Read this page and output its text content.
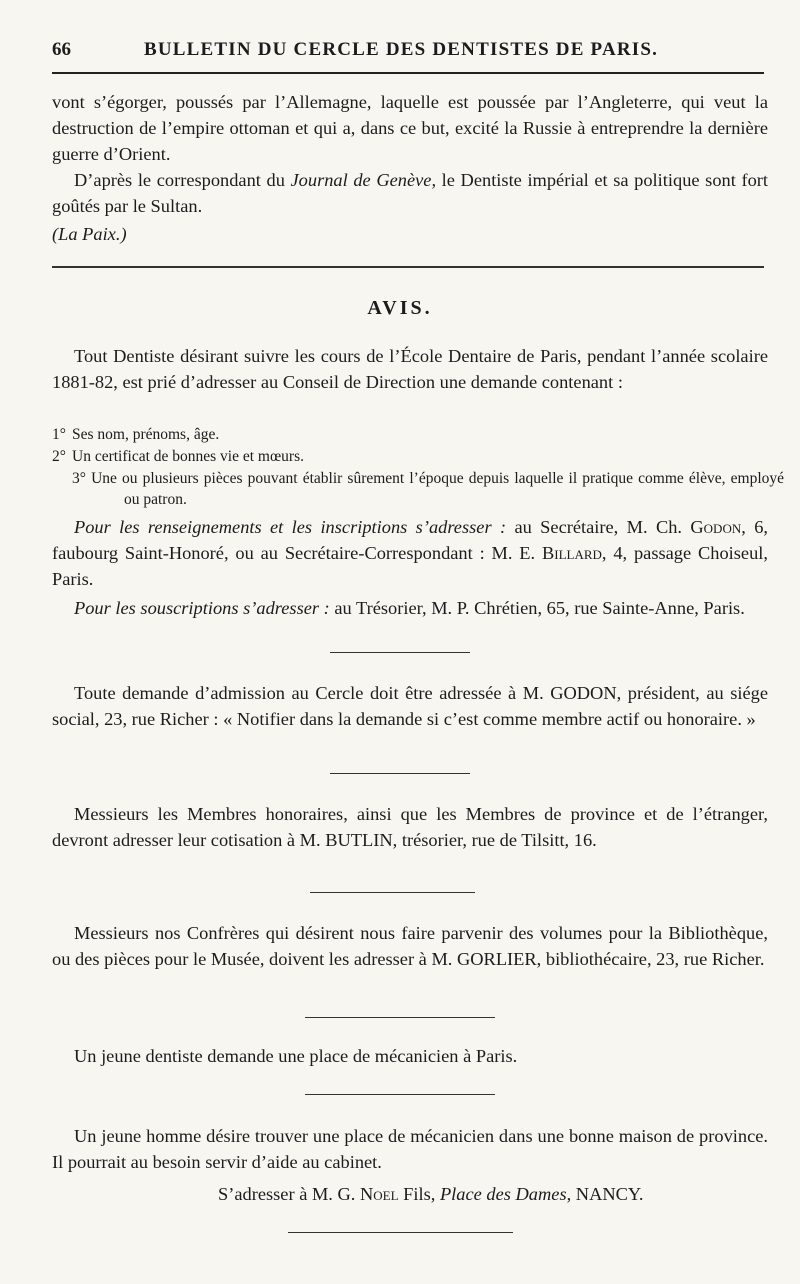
66	BULLETIN DU CERCLE DES DENTISTES DE PARIS.
vont s’égorger, poussés par l’Allemagne, laquelle est poussée par l’Angleterre, qui veut la destruction de l’empire ottoman et qui a, dans ce but, excité la Russie à entreprendre la dernière guerre d’Orient.
D’après le correspondant du Journal de Genève, le Dentiste impérial et sa politique sont fort goûtés par le Sultan.
(La Paix.)
AVIS.
Tout Dentiste désirant suivre les cours de l’École Dentaire de Paris, pendant l’année scolaire 1881-82, est prié d’adresser au Conseil de Direction une demande contenant :
1° Ses nom, prénoms, âge.
2° Un certificat de bonnes vie et mœurs.
3° Une ou plusieurs pièces pouvant établir sûrement l’époque depuis laquelle il pratique comme élève, employé ou patron.
Pour les renseignements et les inscriptions s’adresser : au Secrétaire, M. Ch. Godon, 6, faubourg Saint-Honoré, ou au Secrétaire-Correspondant : M. E. Billard, 4, passage Choiseul, Paris.
Pour les souscriptions s’adresser : au Trésorier, M. P. Chrétien, 65, rue Sainte-Anne, Paris.
Toute demande d’admission au Cercle doit être adressée à M. GODON, président, au siége social, 23, rue Richer : « Notifier dans la demande si c’est comme membre actif ou honoraire. »
Messieurs les Membres honoraires, ainsi que les Membres de province et de l’étranger, devront adresser leur cotisation à M. BUTLIN, trésorier, rue de Tilsitt, 16.
Messieurs nos Confrères qui désirent nous faire parvenir des volumes pour la Bibliothèque, ou des pièces pour le Musée, doivent les adresser à M. GORLIER, bibliothécaire, 23, rue Richer.
Un jeune dentiste demande une place de mécanicien à Paris.
Un jeune homme désire trouver une place de mécanicien dans une bonne maison de province. Il pourrait au besoin servir d’aide au cabinet.
S’adresser à M. G. Noel Fils, Place des Dames, NANCY.
